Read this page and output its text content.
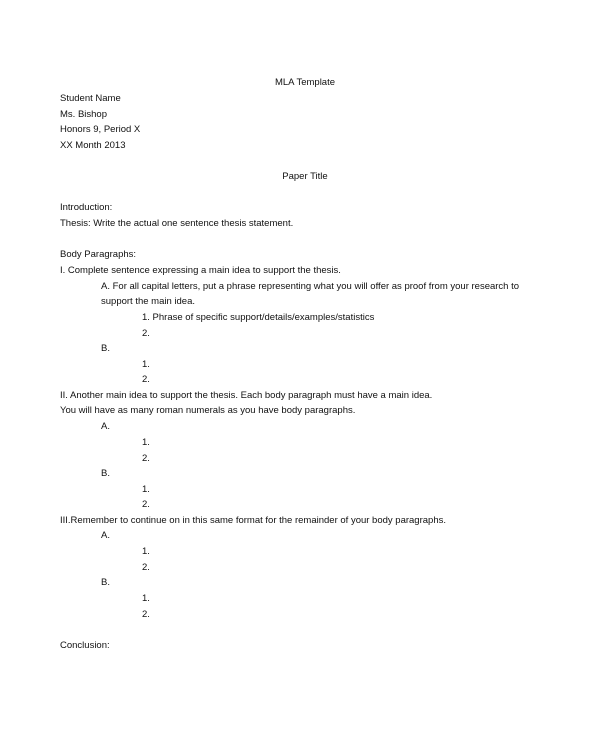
MLA Template
Student Name
Ms. Bishop
Honors 9, Period X
XX Month 2013
Paper Title
Introduction:
Thesis: Write the actual one sentence thesis statement.
Body Paragraphs:
I. Complete sentence expressing a main idea to support the thesis.
A. For all capital letters, put a phrase representing what you will offer as proof from your research to
support the main idea.
1. Phrase of specific support/details/examples/statistics
2.
B.
1.
2.
II. Another main idea to support the thesis. Each body paragraph must have a main idea.
You will have as many roman numerals as you have body paragraphs.
A.
1.
2.
B.
1.
2.
III.Remember to continue on in this same format for the remainder of your body paragraphs.
A.
1.
2.
B.
1.
2.
Conclusion:
